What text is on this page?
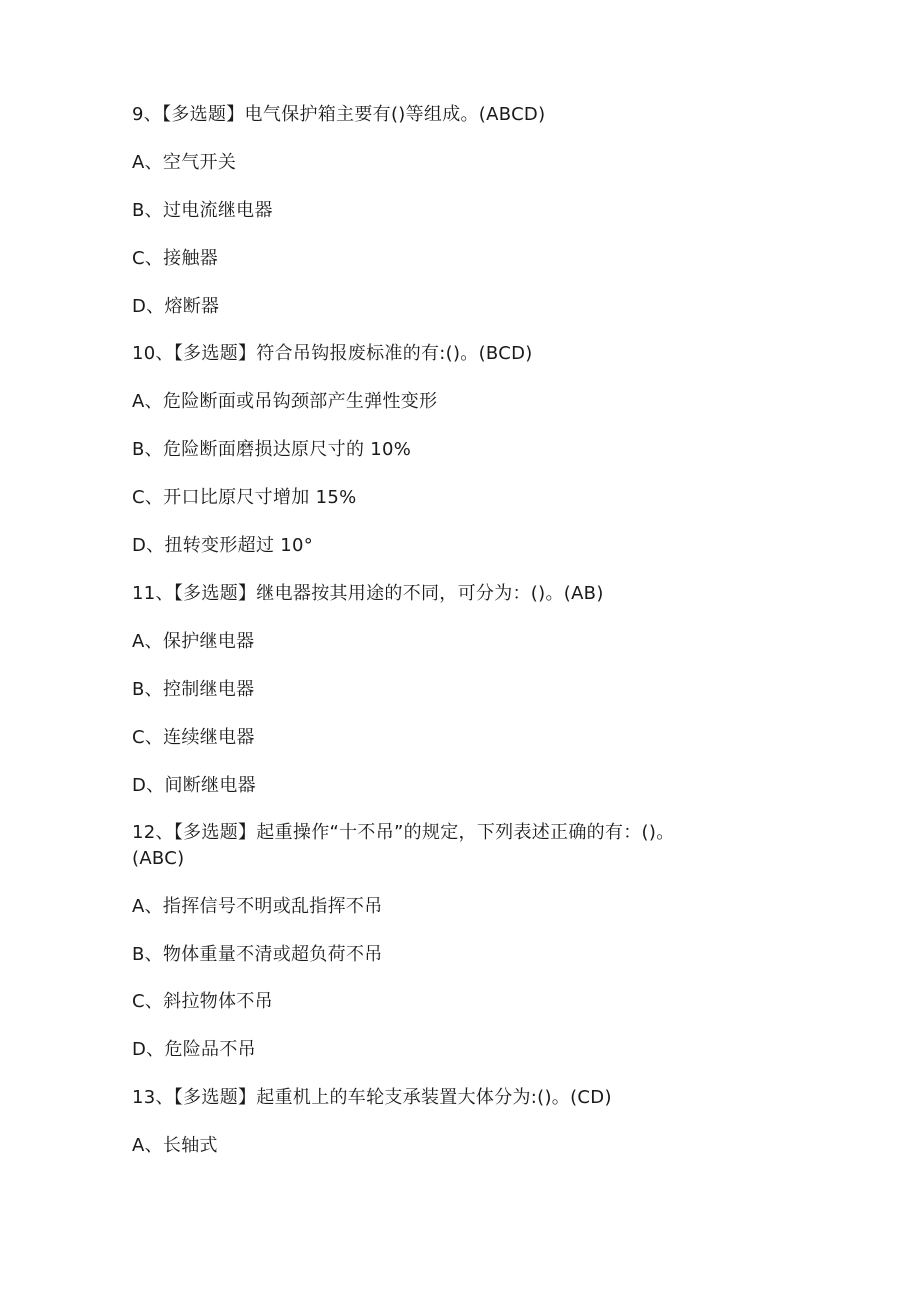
9、【多选题】电气保护箱主要有()等组成。(ABCD)
A、空气开关
B、过电流继电器
C、接触器
D、熔断器
10、【多选题】符合吊钩报废标准的有:()。(BCD)
A、危险断面或吊钩颈部产生弹性变形
B、危险断面磨损达原尺寸的 10%
C、开口比原尺寸增加 15%
D、扭转变形超过 10°
11、【多选题】继电器按其用途的不同，可分为：()。(AB)
A、保护继电器
B、控制继电器
C、连续继电器
D、间断继电器
12、【多选题】起重操作“十不吊”的规定，下列表述正确的有：()。
(ABC)
A、指挥信号不明或乱指挥不吊
B、物体重量不清或超负荷不吊
C、斜拉物体不吊
D、危险品不吊
13、【多选题】起重机上的车轮支承装置大体分为:()。(CD)
A、长轴式
